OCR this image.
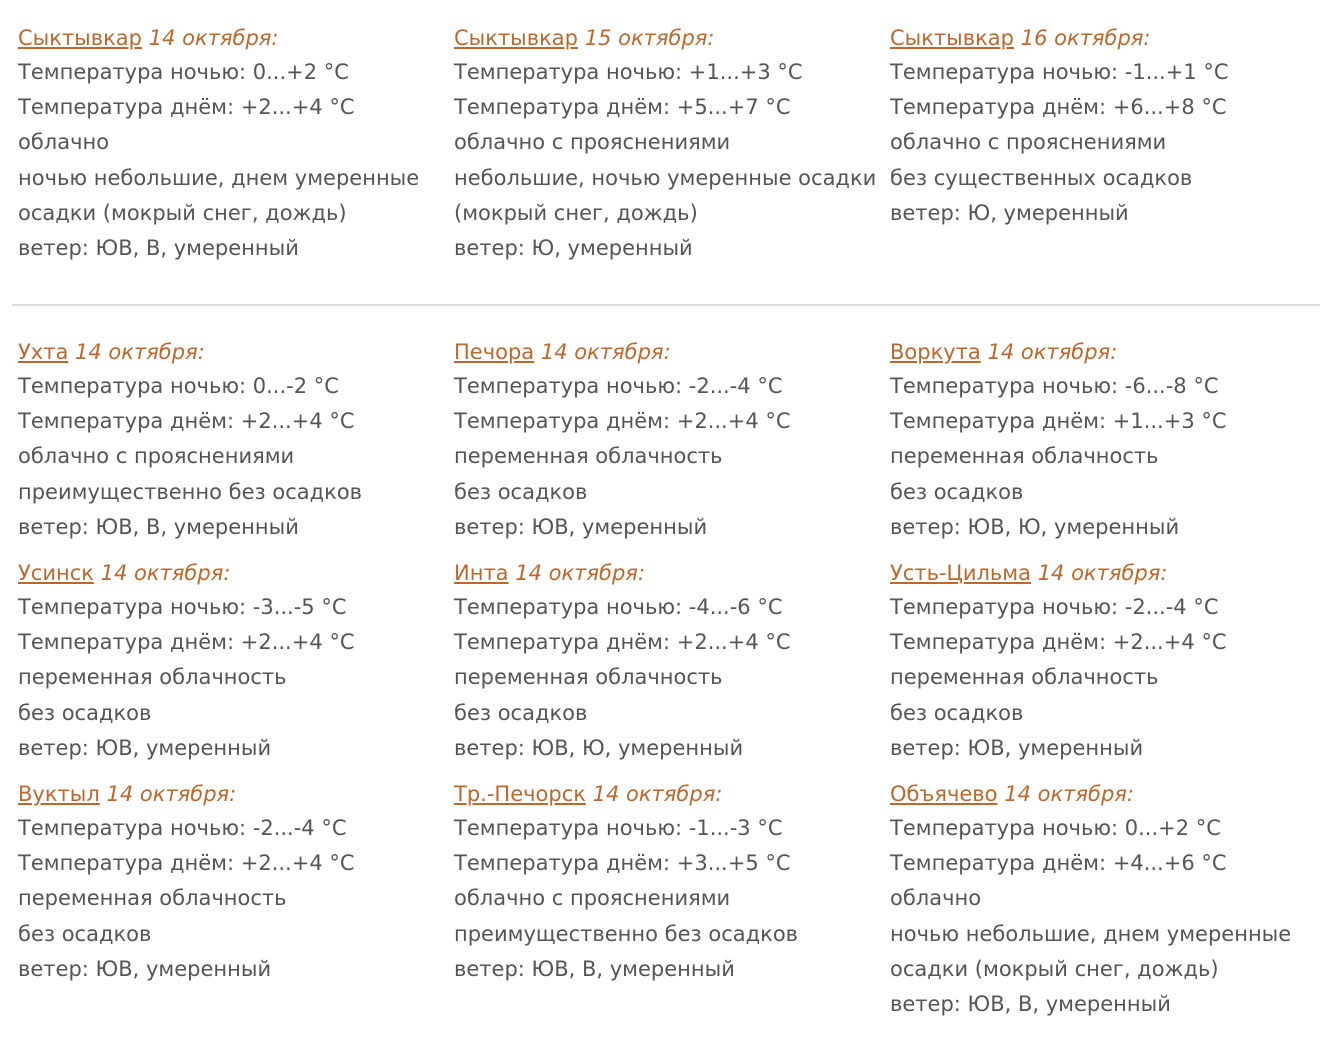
Сыктывкар 14 октября:
Температура ночью: 0...+2 °C
Температура днём: +2...+4 °C
облачно
ночью небольшие, днем умеренные
осадки (мокрый снег, дождь)
ветер: ЮВ, В, умеренный
Сыктывкар 15 октября:
Температура ночью: +1...+3 °C
Температура днём: +5...+7 °C
облачно с прояснениями
небольшие, ночью умеренные осадки
(мокрый снег, дождь)
ветер: Ю, умеренный
Сыктывкар 16 октября:
Температура ночью: -1...+1 °C
Температура днём: +6...+8 °C
облачно с прояснениями
без существенных осадков
ветер: Ю, умеренный
Ухта 14 октября:
Температура ночью: 0...-2 °C
Температура днём: +2...+4 °C
облачно с прояснениями
преимущественно без осадков
ветер: ЮВ, В, умеренный
Печора 14 октября:
Температура ночью: -2...-4 °C
Температура днём: +2...+4 °C
переменная облачность
без осадков
ветер: ЮВ, умеренный
Воркута 14 октября:
Температура ночью: -6...-8 °C
Температура днём: +1...+3 °C
переменная облачность
без осадков
ветер: ЮВ, Ю, умеренный
Усинск 14 октября:
Температура ночью: -3...-5 °C
Температура днём: +2...+4 °C
переменная облачность
без осадков
ветер: ЮВ, умеренный
Инта 14 октября:
Температура ночью: -4...-6 °C
Температура днём: +2...+4 °C
переменная облачность
без осадков
ветер: ЮВ, Ю, умеренный
Усть-Цильма 14 октября:
Температура ночью: -2...-4 °C
Температура днём: +2...+4 °C
переменная облачность
без осадков
ветер: ЮВ, умеренный
Вуктыл 14 октября:
Температура ночью: -2...-4 °C
Температура днём: +2...+4 °C
переменная облачность
без осадков
ветер: ЮВ, умеренный
Тр.-Печорск 14 октября:
Температура ночью: -1...-3 °C
Температура днём: +3...+5 °C
облачно с прояснениями
преимущественно без осадков
ветер: ЮВ, В, умеренный
Объячево 14 октября:
Температура ночью: 0...+2 °C
Температура днём: +4...+6 °C
облачно
ночью небольшие, днем умеренные
осадки (мокрый снег, дождь)
ветер: ЮВ, В, умеренный
